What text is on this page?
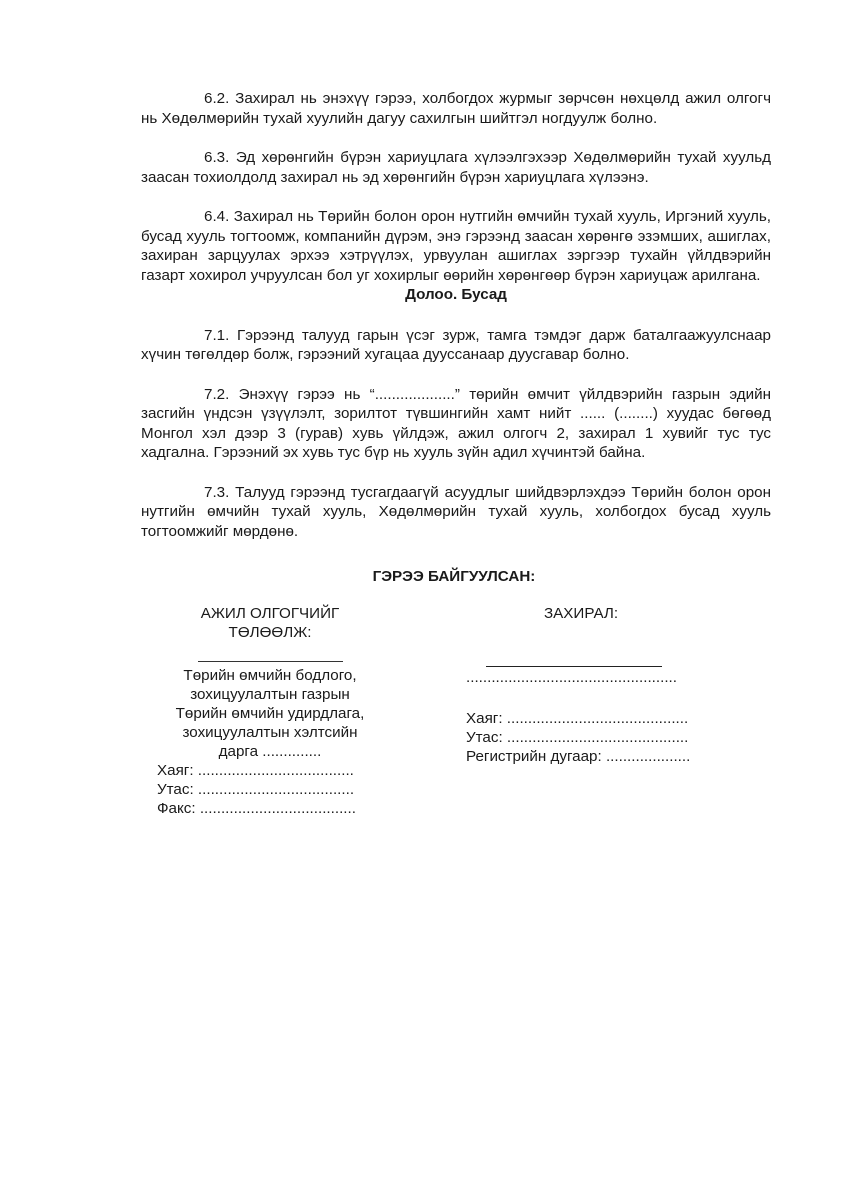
6.2. Захирал нь энэхүү гэрээ, холбогдох журмыг зөрчсөн нөхцөлд ажил олгогч нь Хөдөлмөрийн тухай хуулийн дагуу сахилгын шийтгэл ногдуулж болно.

6.3. Эд хөрөнгийн бүрэн хариуцлага хүлээлгэхээр Хөдөлмөрийн тухай хуульд заасан тохиолдолд захирал нь эд хөрөнгийн бүрэн хариуцлага хүлээнэ.

6.4. Захирал нь Төрийн болон орон нутгийн өмчийн тухай хууль, Иргэний хууль, бусад хууль тогтоомж, компанийн дүрэм, энэ гэрээнд заасан хөрөнгө эзэмших, ашиглах, захиран зарцуулах эрхээ хэтрүүлэх, урвуулан ашиглах зэргээр тухайн үйлдвэрийн газарт хохирол учруулсан бол уг хохирлыг өөрийн хөрөнгөөр бүрэн хариуцаж арилгана.

Долоо. Бусад

7.1. Гэрээнд талууд гарын үсэг зурж, тамга тэмдэг дарж баталгаажуулснаар хүчин төгөлдөр болж, гэрээний хугацаа дуусcанаар дуусгавар болно.

7.2. Энэхүү гэрээ нь “...................” төрийн өмчит үйлдвэрийн газрын эдийн засгийн үндсэн үзүүлэлт, зорилтот түвшингийн хамт нийт ...... (........) хуудас бөгөөд Монгол хэл дээр 3 (гурав) хувь үйлдэж, ажил олгогч 2, захирал 1 хувийг тус тус хадгална. Гэрээний эх хувь тус бүр нь хууль зүйн адил хүчинтэй байна.

7.3. Талууд гэрээнд тусгагдаагүй асуудлыг шийдвэрлэхдээ Төрийн болон орон нутгийн өмчийн тухай хууль, Хөдөлмөрийн тухай хууль, холбогдох бусад хууль тогтоомжийг мөрдөнө.

ГЭРЭЭ БАЙГУУЛСАН:
АЖИЛ ОЛГОГЧИЙГ
ТӨЛӨӨЛЖ:
Төрийн өмчийн бодлого,
зохицуулалтын газрын
Төрийн өмчийн удирдлага,
зохицуулалтын хэлтсийн
дарга ..............
Хаяг: .....................................
Утас: .....................................
Факс: .....................................
ЗАХИРАЛ:
..................................................
Хаяг: ...........................................
Утас: ...........................................
Регистрийн дугаар: ....................
